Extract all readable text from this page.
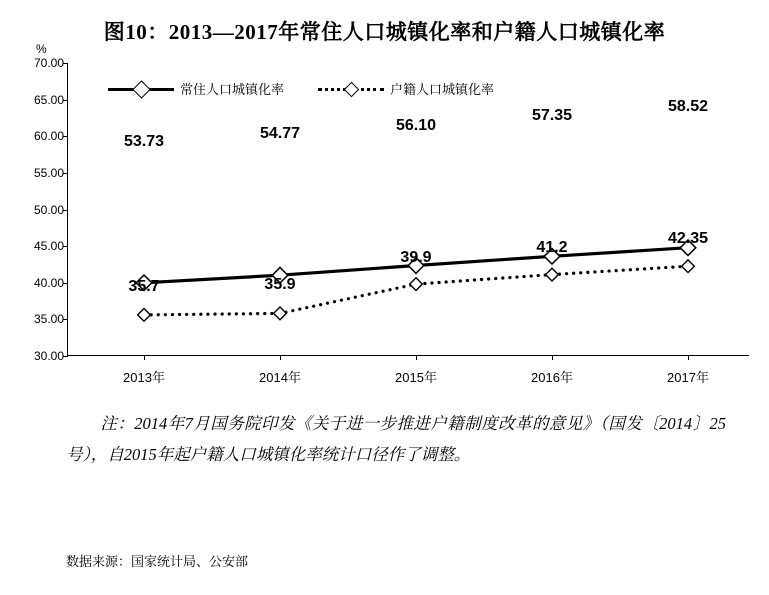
图10：2013—2017年常住人口城镇化率和户籍人口城镇化率
%
53.73	54.77	56.10
57.35
58.52
35.7	35.9
39.9
41.2
42.35
2013年	2014年	2015年	2016年	2017年
30.00
35.00
40.00
45.00
50.00
55.00
60.00
65.00
70.00
常住人口城镇化率	户籍人口城镇化率
注：2014年7月国务院印发《关于进一步推进户籍制度改革的意见》（国发〔2014〕25号），自2015年起户籍人口城镇化率统计口径作了调整。
数据来源：国家统计局、公安部
